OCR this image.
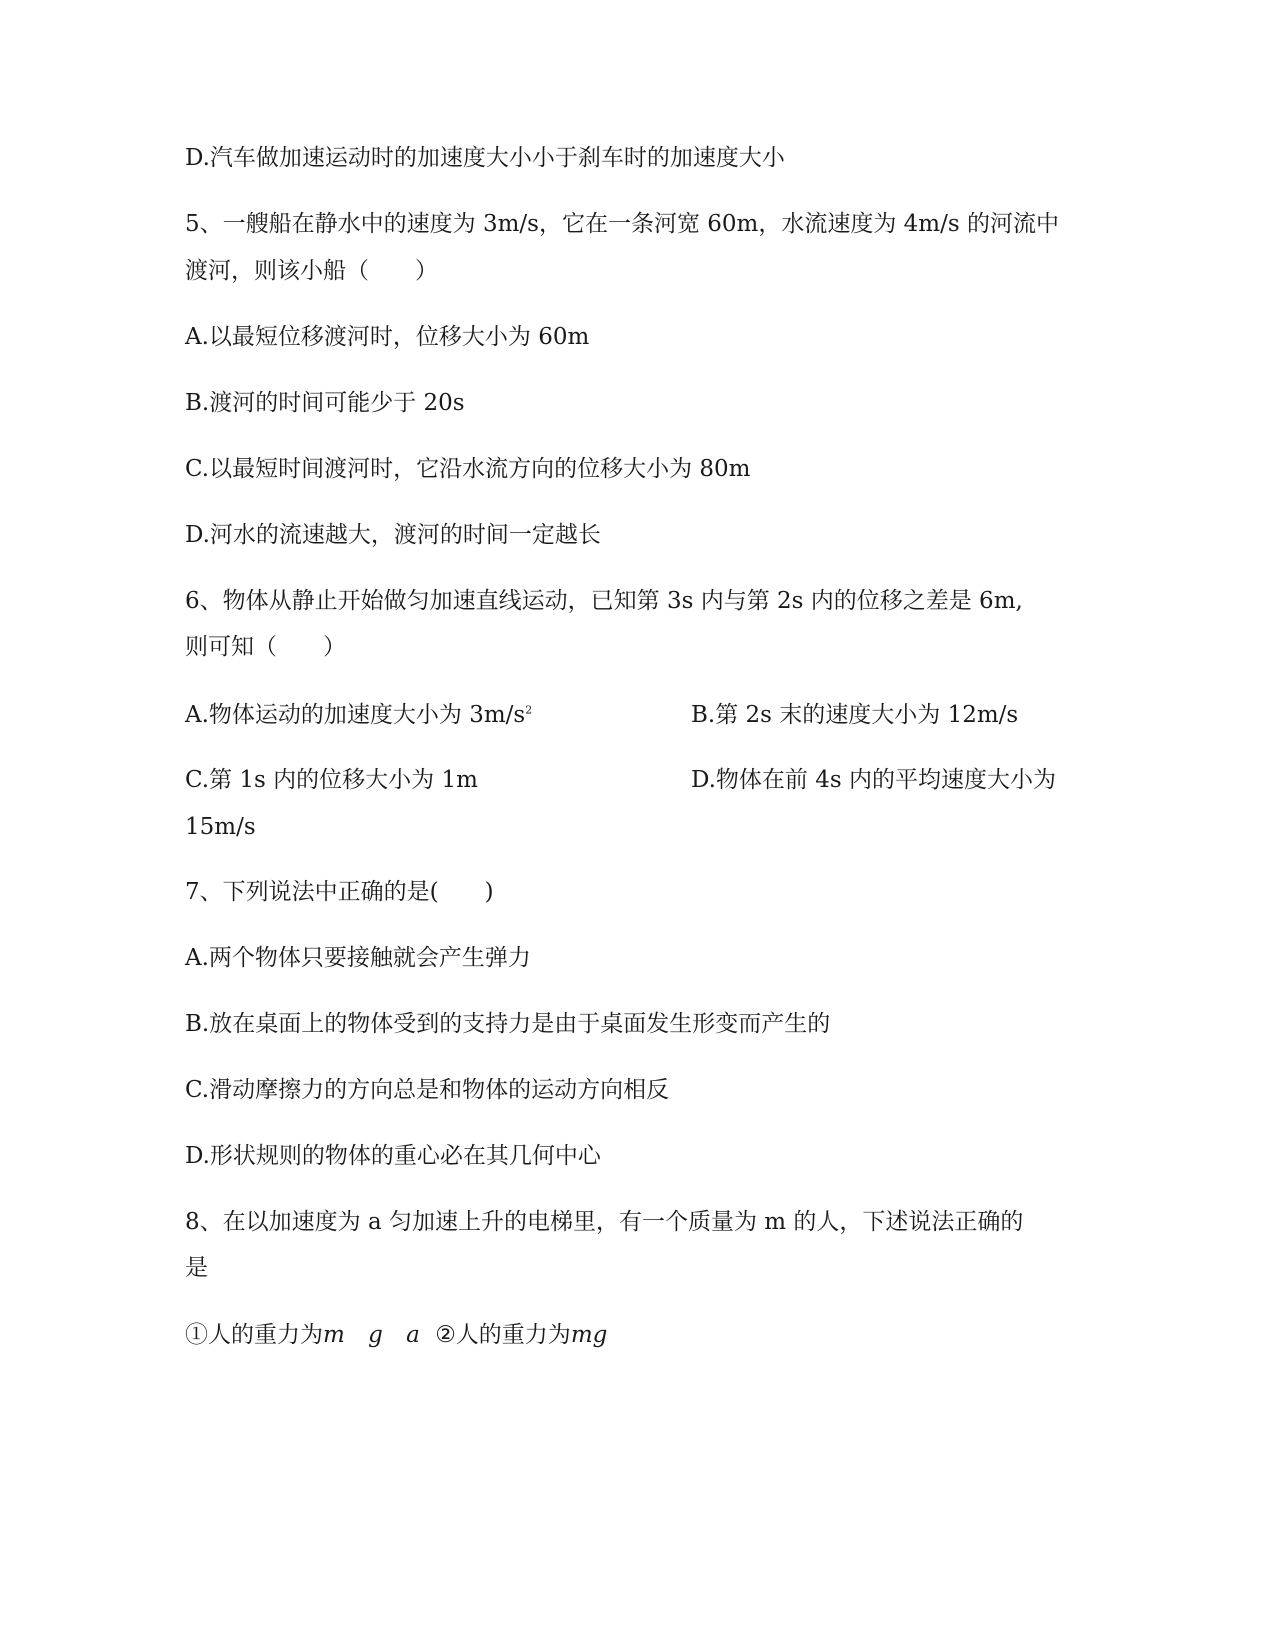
D.汽车做加速运动时的加速度大小小于刹车时的加速度大小
5、一艘船在静水中的速度为 3m/s，它在一条河宽 60m，水流速度为 4m/s 的河流中
渡河，则该小船（　　）
A.以最短位移渡河时，位移大小为 60m
B.渡河的时间可能少于 20s
C.以最短时间渡河时，它沿水流方向的位移大小为 80m
D.河水的流速越大，渡河的时间一定越长
6、物体从静止开始做匀加速直线运动，已知第 3s 内与第 2s 内的位移之差是 6m,
则可知（　　）
A.物体运动的加速度大小为 $3m/s^2$	B.第 2s 末的速度大小为 12m/s
C.第 1s 内的位移大小为 1m	D.物体在前 4s 内的平均速度大小为
15m/s
7、下列说法中正确的是(　　)
A.两个物体只要接触就会产生弹力
B.放在桌面上的物体受到的支持力是由于桌面发生形变而产生的
C.滑动摩擦力的方向总是和物体的运动方向相反
D.形状规则的物体的重心必在其几何中心
8、在以加速度为 a 匀加速上升的电梯里，有一个质量为 m 的人，下述说法正确的
是
①人的重力为m g a ②人的重力为mg
